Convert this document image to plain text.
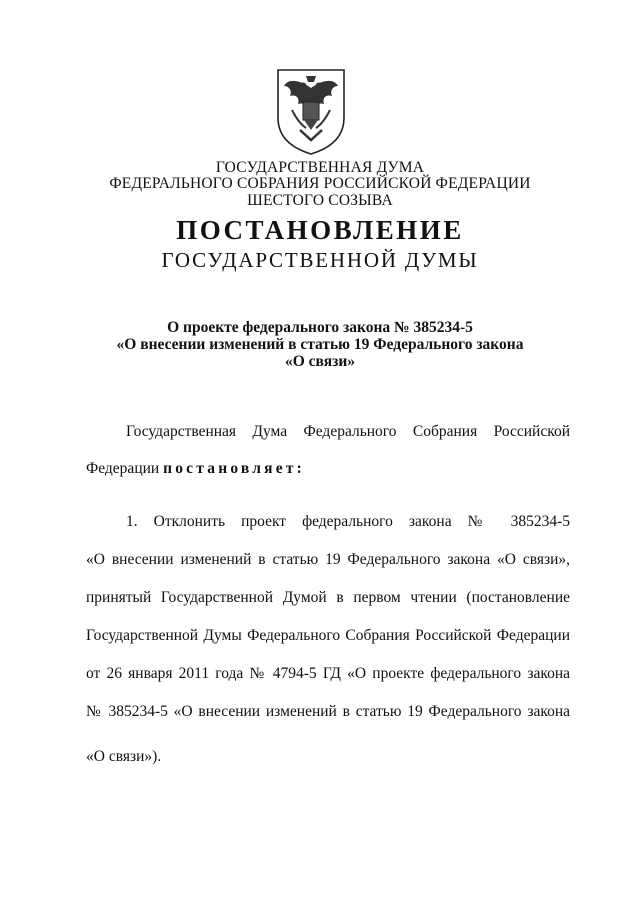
ГОСУДАРСТВЕННАЯ ДУМА
ФЕДЕРАЛЬНОГО СОБРАНИЯ РОССИЙСКОЙ ФЕДЕРАЦИИ
ШЕСТОГО СОЗЫВА
ПОСТАНОВЛЕНИЕ
ГОСУДАРСТВЕННОЙ ДУМЫ
О проекте федерального закона № 385234-5
«О внесении изменений в статью 19 Федерального закона
«О связи»
Государственная Дума Федерального Собрания Российской
Федерации постановляет:
1. Отклонить проект федерального закона № 385234-5
«О внесении изменений в статью 19 Федерального закона «О связи»,
принятый Государственной Думой в первом чтении (постановление
Государственной Думы Федерального Собрания Российской Федерации
от 26 января 2011 года № 4794-5 ГД «О проекте федерального закона
№ 385234-5 «О внесении изменений в статью 19 Федерального закона
«О связи»).
